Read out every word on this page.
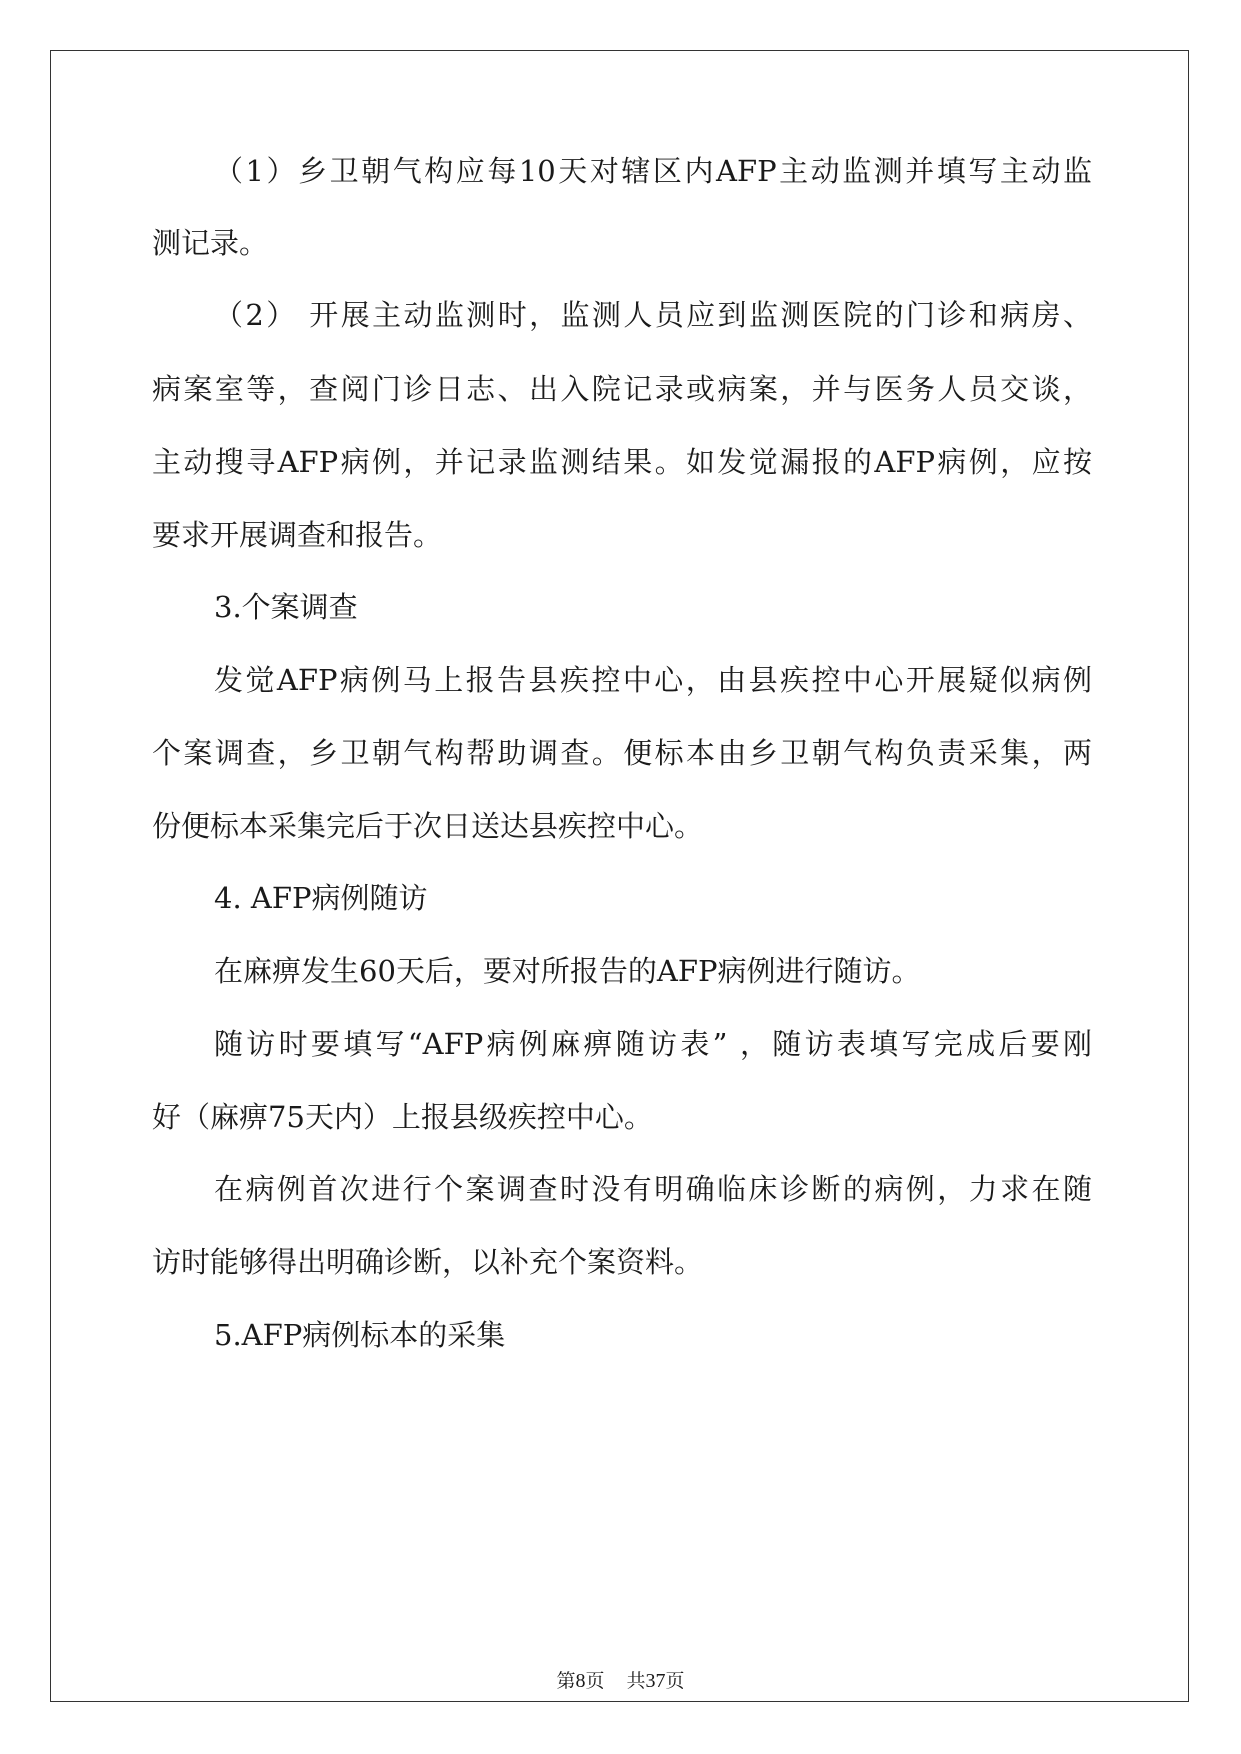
（1）乡卫朝气构应每10天对辖区内AFP主动监测并填写主动监
测记录。
（2） 开展主动监测时，监测人员应到监测医院的门诊和病房、
病案室等，查阅门诊日志、出入院记录或病案，并与医务人员交谈，
主动搜寻AFP病例，并记录监测结果。如发觉漏报的AFP病例，应按
要求开展调查和报告。
3.个案调查
发觉AFP病例马上报告县疾控中心，由县疾控中心开展疑似病例
个案调查，乡卫朝气构帮助调查。便标本由乡卫朝气构负责采集，两
份便标本采集完后于次日送达县疾控中心。
4. AFP病例随访
在麻痹发生60天后，要对所报告的AFP病例进行随访。
随访时要填写“AFP病例麻痹随访表” ，随访表填写完成后要刚
好（麻痹75天内）上报县级疾控中心。
在病例首次进行个案调查时没有明确临床诊断的病例，力求在随
访时能够得出明确诊断，以补充个案资料。
5.AFP病例标本的采集
第8页 共37页
